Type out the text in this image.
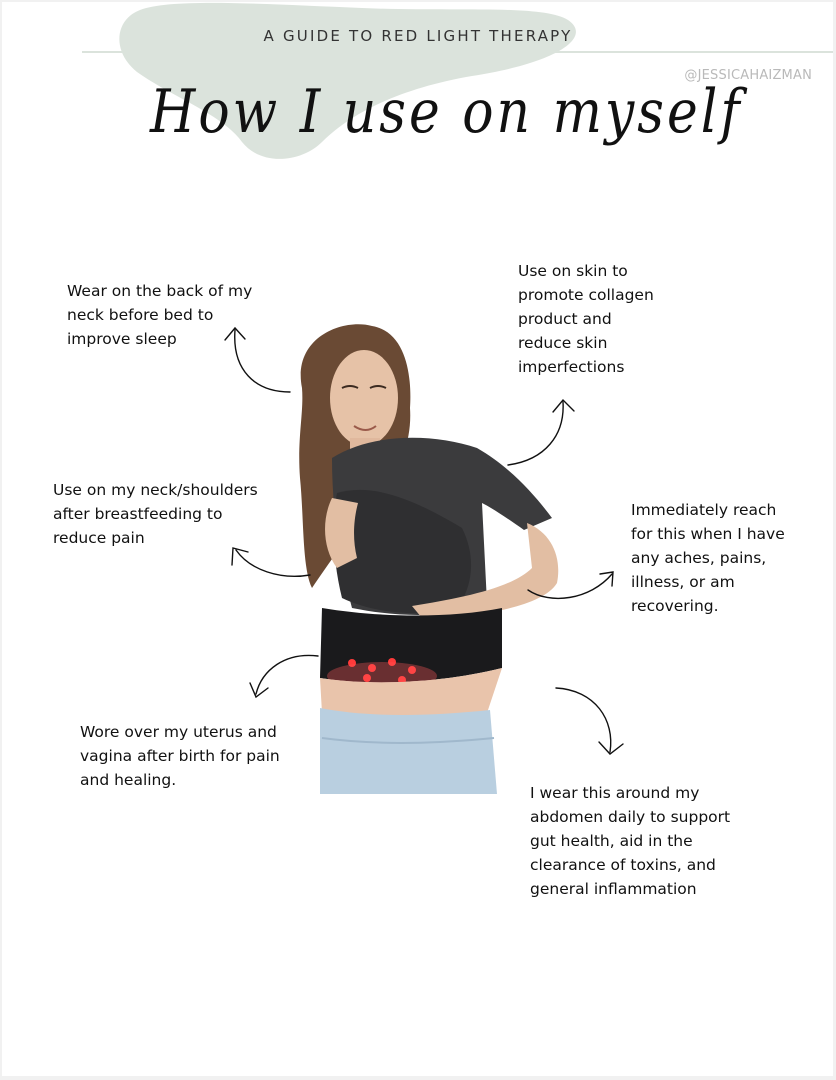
A GUIDE TO RED LIGHT THERAPY
@JESSICAHAIZMAN
How I use on myself
Wear on the back of my
neck before bed to
improve sleep
Use on skin to
promote collagen
product and
reduce skin
imperfections
Use on my neck/shoulders
after breastfeeding to
reduce pain
Immediately reach
for this when I have
any aches, pains,
illness, or am
recovering.
Wore over my uterus and
vagina after birth for pain
and healing.
I wear this around my
abdomen daily to support
gut health, aid in the
clearance of toxins, and
general inflammation
